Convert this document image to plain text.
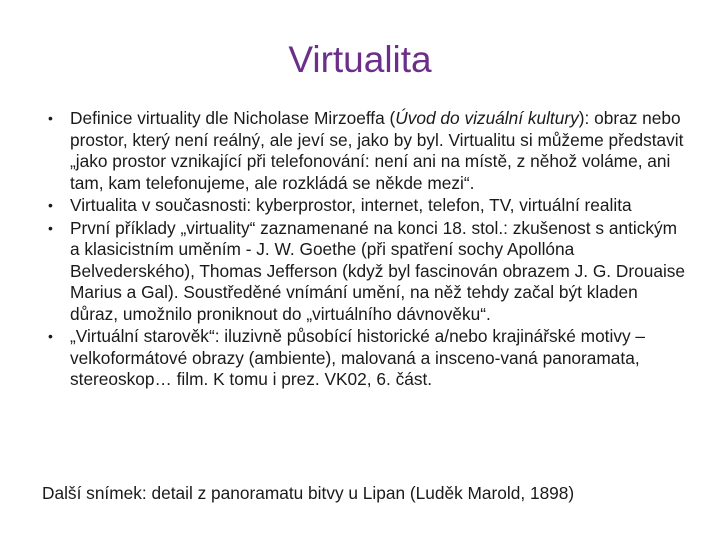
Virtualita
• Definice virtuality dle Nicholase Mirzoeffa (Úvod do vizuální kultury): obraz nebo prostor, který není reálný, ale jeví se, jako by byl. Virtualitu si můžeme představit „jako prostor vznikající při telefonování: není ani na místě, z něhož voláme, ani tam, kam telefonujeme, ale rozkládá se někde mezi“.

• Virtualita v současnosti: kyberprostor, internet, telefon, TV, virtuální realita

• První příklady „virtuality“ zaznamenané na konci 18. stol.: zkušenost s antickým a klasicistním uměním - J. W. Goethe (při spatření sochy Apollóna Belvederského), Thomas Jefferson (když byl fascinován obrazem J. G. Drouaise Marius a Gal). Soustředěné vnímání umění, na něž tehdy začal být kladen důraz, umožnilo proniknout do „virtuálního dávnověku“.

• „Virtuální starověk“: iluzivně působící historické a/nebo krajinářské motivy – velkoformátové obrazy (ambiente), malovaná a insceno-vaná panoramata, stereoskop… film. K tomu i prez. VK02, 6. část.

Další snímek: detail z panoramatu bitvy u Lipan (Luděk Marold, 1898)
